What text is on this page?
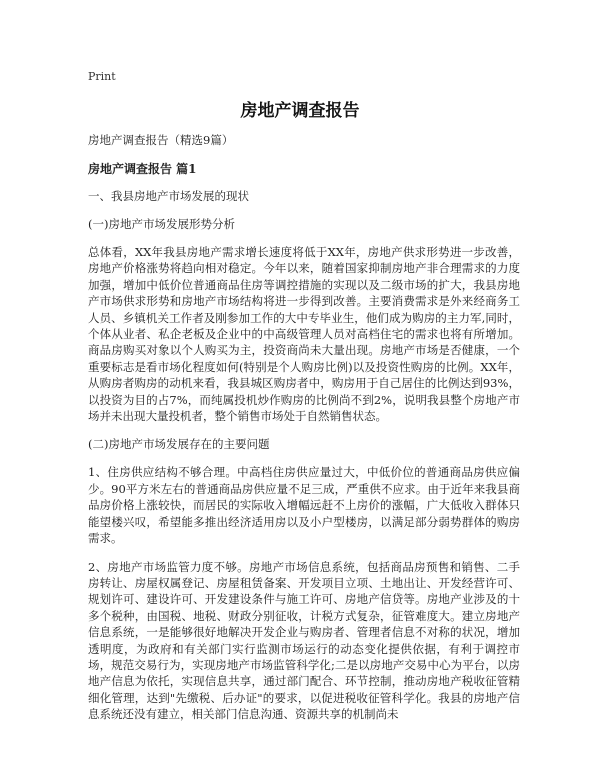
Print
房地产调查报告

房地产调查报告（精选9篇）

房地产调查报告 篇1

一、我县房地产市场发展的现状

(一)房地产市场发展形势分析

总体看，XX年我县房地产需求增长速度将低于XX年，房地产供求形势进一步改善，房地产价格涨势将趋向相对稳定。今年以来，随着国家抑制房地产非合理需求的力度加强，增加中低价位普通商品住房等调控措施的实现以及二级市场的扩大，我县房地产市场供求形势和房地产市场结构将进一步得到改善。主要消费需求是外来经商务工人员、乡镇机关工作者及刚参加工作的大中专毕业生，他们成为购房的主力军,同时，个体从业者、私企老板及企业中的中高级管理人员对高档住宅的需求也将有所增加。商品房购买对象以个人购买为主，投资商尚未大量出现。房地产市场是否健康，一个重要标志是看市场化程度如何(特别是个人购房比例)以及投资性购房的比例。XX年，从购房者购房的动机来看，我县城区购房者中，购房用于自己居住的比例达到93%，以投资为目的占7%，而纯属投机炒作购房的比例尚不到2%，说明我县整个房地产市场并未出现大量投机者，整个销售市场处于自然销售状态。

(二)房地产市场发展存在的主要问题

1、住房供应结构不够合理。中高档住房供应量过大，中低价位的普通商品房供应偏少。90平方米左右的普通商品房供应量不足三成，严重供不应求。由于近年来我县商品房价格上涨较快，而居民的实际收入增幅远赶不上房价的涨幅，广大低收入群体只能望楼兴叹，希望能多推出经济适用房以及小户型楼房，以满足部分弱势群体的购房需求。

2、房地产市场监管力度不够。房地产市场信息系统，包括商品房预售和销售、二手房转让、房屋权属登记、房屋租赁备案、开发项目立项、土地出让、开发经营许可、规划许可、建设许可、开发建设条件与施工许可、房地产信贷等。房地产业涉及的十多个税种，由国税、地税、财政分别征收，计税方式复杂，征管难度大。建立房地产信息系统，一是能够很好地解决开发企业与购房者、管理者信息不对称的状况，增加透明度，为政府和有关部门实行监测市场运行的动态变化提供依据，有利于调控市场，规范交易行为，实现房地产市场监管科学化;二是以房地产交易中心为平台，以房地产信息为依托，实现信息共享，通过部门配合、环节控制，推动房地产税收征管精细化管理，达到"先缴税、后办证"的要求，以促进税收征管科学化。我县的房地产信息系统还没有建立，相关部门信息沟通、资源共享的机制尚未
